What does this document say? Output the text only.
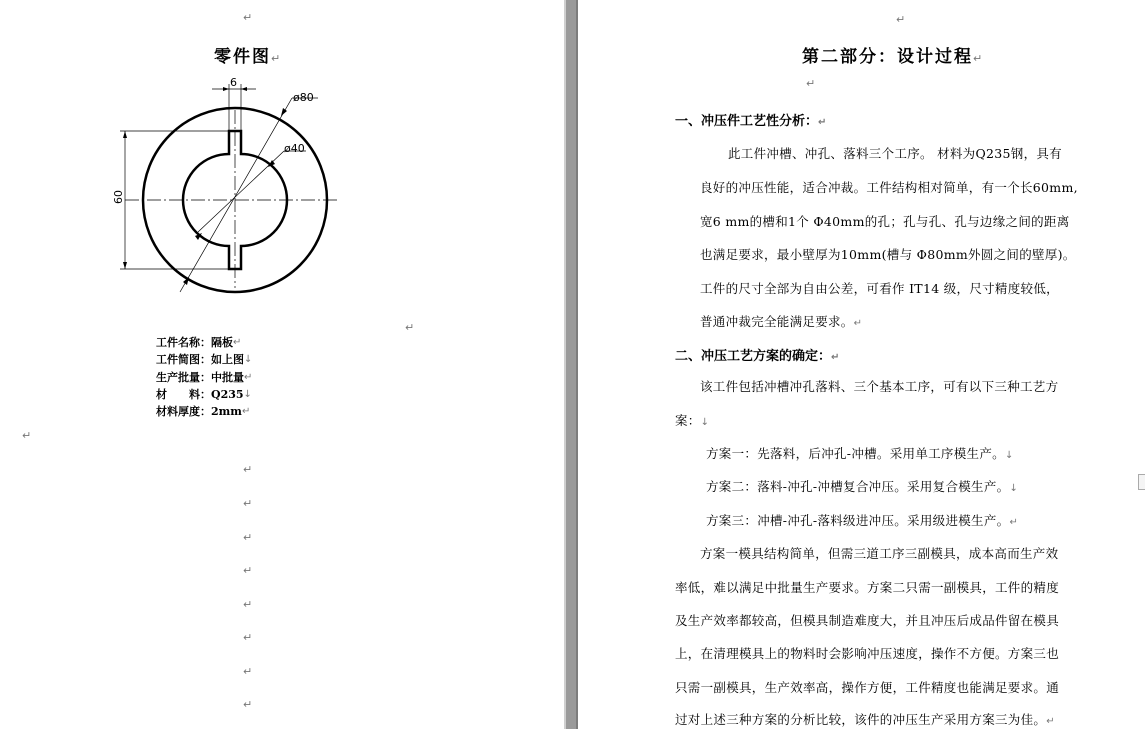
↵
零件图↵
6
ø80
ø40
60
↵
工件名称： 隔板 ↵
工件简图： 如上图 ↓
生产批量： 中批量 ↵
材　　料： Q235 ↓
材料厚度： 2mm ↵
↵
↵
↵
↵
↵
↵
↵
↵
↵
↵
第二部分：设计过程↵
↵
一、冲压件工艺性分析：↵
此工件冲槽、冲孔、落料三个工序。 材料为Q235钢，具有
良好的冲压性能，适合冲裁。工件结构相对简单，有一个长60mm,
宽6 mm的槽和1个 Φ40mm的孔；孔与孔、孔与边缘之间的距离
也满足要求，最小壁厚为10mm(槽与 Φ80mm外圆之间的壁厚)。
工件的尺寸全部为自由公差，可看作 IT14 级，尺寸精度较低，
普通冲裁完全能满足要求。↵
二、冲压工艺方案的确定：↵
该工件包括冲槽冲孔落料、三个基本工序，可有以下三种工艺方
案：↓
方案一：先落料，后冲孔-冲槽。采用单工序模生产。↓
方案二：落料-冲孔-冲槽复合冲压。采用复合模生产。↓
方案三：冲槽-冲孔-落料级进冲压。采用级进模生产。↵
方案一模具结构简单，但需三道工序三副模具，成本高而生产效
率低，难以满足中批量生产要求。方案二只需一副模具，工件的精度
及生产效率都较高，但模具制造难度大，并且冲压后成品件留在模具
上，在清理模具上的物料时会影响冲压速度，操作不方便。方案三也
只需一副模具，生产效率高，操作方便，工件精度也能满足要求。通
过对上述三种方案的分析比较，该件的冲压生产采用方案三为佳。↵
